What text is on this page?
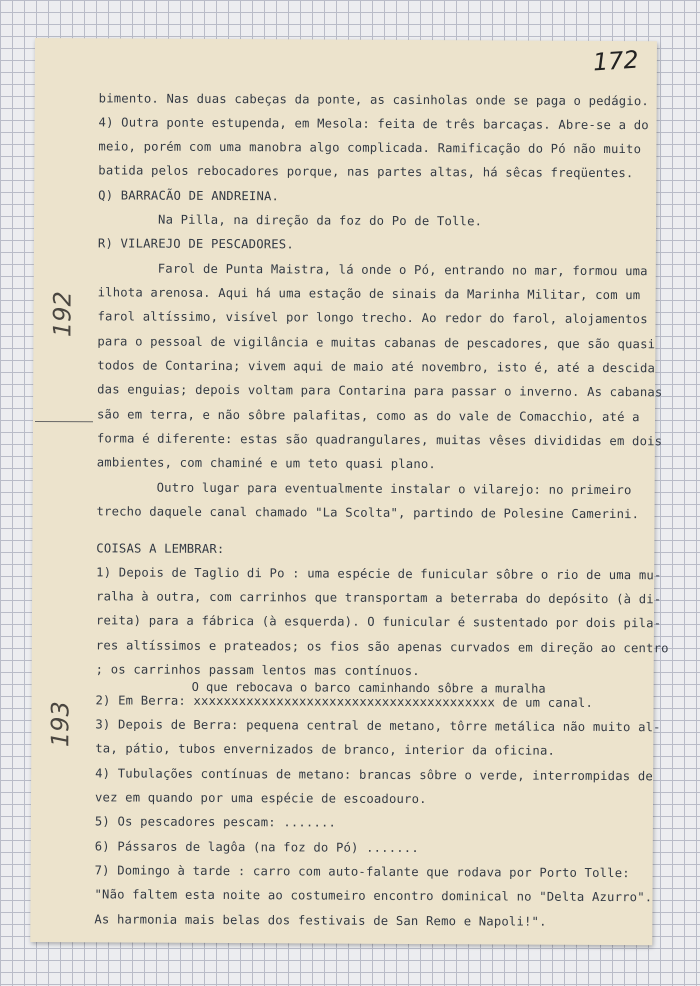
172
192
193
bimento. Nas duas cabeças da ponte, as casinholas onde se paga o pedágio.
4) Outra ponte estupenda, em Mesola: feita de três barcaças. Abre-se a do
meio, porém com uma manobra algo complicada. Ramificação do Pó não muito
batida pelos rebocadores porque, nas partes altas, há sêcas freqüentes.
Q) BARRACÃO DE ANDREINA.
Na Pilla, na direção da foz do Po de Tolle.
R) VILAREJO DE PESCADORES.
Farol de Punta Maistra, lá onde o Pó, entrando no mar, formou uma
ilhota arenosa. Aqui há uma estação de sinais da Marinha Militar, com um
farol altíssimo, visível por longo trecho. Ao redor do farol, alojamentos
para o pessoal de vigilância e muitas cabanas de pescadores, que são quasi
todos de Contarina; vivem aqui de maio até novembro, isto é, até a descida
das enguias; depois voltam para Contarina para passar o inverno. As cabanas
são em terra, e não sôbre palafitas, como as do vale de Comacchio, até a
forma é diferente: estas são quadrangulares, muitas vêses divididas em dois
ambientes, com chaminé e um teto quasi plano.
Outro lugar para eventualmente instalar o vilarejo: no primeiro
trecho daquele canal chamado "La Scolta", partindo de Polesine Camerini.
COISAS A LEMBRAR:
1) Depois de Taglio di Po : uma espécie de funicular sôbre o rio de uma mu-
ralha à outra, com carrinhos que transportam a beterraba do depósito (à di-
reita) para a fábrica (à esquerda). O funicular é sustentado por dois pila-
res altíssimos e prateados; os fios são apenas curvados em direção ao centro
; os carrinhos passam lentos mas contínuos.
O que rebocava o barco caminhando sôbre a muralha
2) Em Berra: xxxxxxxxxxxxxxxxxxxxxxxxxxxxxxxxxxxxxxxx de um canal.
3) Depois de Berra: pequena central de metano, tôrre metálica não muito al-
ta, pátio, tubos envernizados de branco, interior da oficina.
4) Tubulações contínuas de metano: brancas sôbre o verde, interrompidas de
vez em quando por uma espécie de escoadouro.
5) Os pescadores pescam: .......
6) Pássaros de lagôa (na foz do Pó) .......
7) Domingo à tarde : carro com auto-falante que rodava por Porto Tolle:
"Não faltem esta noite ao costumeiro encontro dominical no "Delta Azurro".
As harmonia mais belas dos festivais de San Remo e Napoli!".
